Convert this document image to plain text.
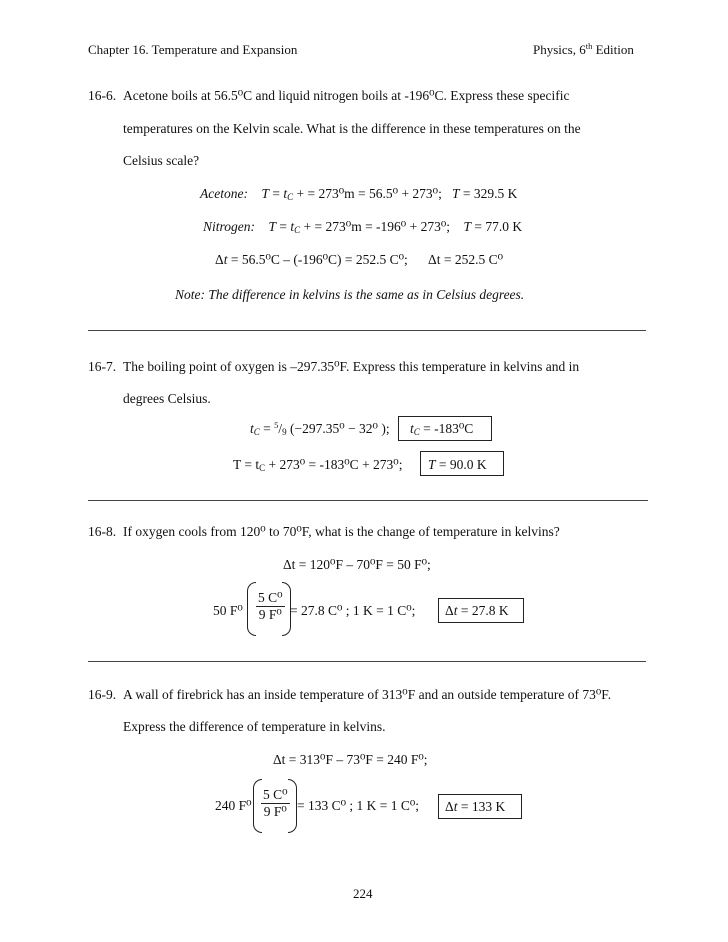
Chapter 16. Temperature and Expansion	Physics, 6th Edition
16-6. Acetone boils at 56.5⁰C and liquid nitrogen boils at -196⁰C. Express these specific
temperatures on the Kelvin scale. What is the difference in these temperatures on the
Celsius scale?
Acetone: $T = t_C$ + = 273⁰m = 56.5⁰ + 273⁰; T = 329.5 K
Nitrogen: $T = t_C$ + = 273⁰m = -196⁰ + 273⁰; T = 77.0 K
Δt = 56.5⁰C – (-196⁰C) = 252.5 C⁰; Δt = 252.5 C⁰
Note: The difference in kelvins is the same as in Celsius degrees.
16-7. The boiling point of oxygen is –297.35⁰F. Express this temperature in kelvins and in
degrees Celsius.
$t_C = ^5/_9$ (−297.35⁰ − 32⁰ ); $t_C = -183^0C$
$T = t_C + 273^0 = -183^0C + 273^0$; T = 90.0 K
16-8. If oxygen cools from 120⁰ to 70⁰F, what is the change of temperature in kelvins?
Δt = 120⁰F – 70⁰F = 50 F⁰;
50 $F^0 \frac{\text{5 C⁰}}{\text{9 F⁰}} = 27.8$ C⁰ ; 1 K = 1 C⁰; Δt = 27.8 K
16-9. A wall of firebrick has an inside temperature of 313⁰F and an outside temperature of 73⁰F.
Express the difference of temperature in kelvins.
Δt = 313⁰F – 73⁰F = 240 F⁰;
240 $F^0 \frac{\text{5 C⁰}}{\text{9 F⁰}} = 133$ C⁰ ; 1 K = 1 C⁰; Δt = 133 K
224
